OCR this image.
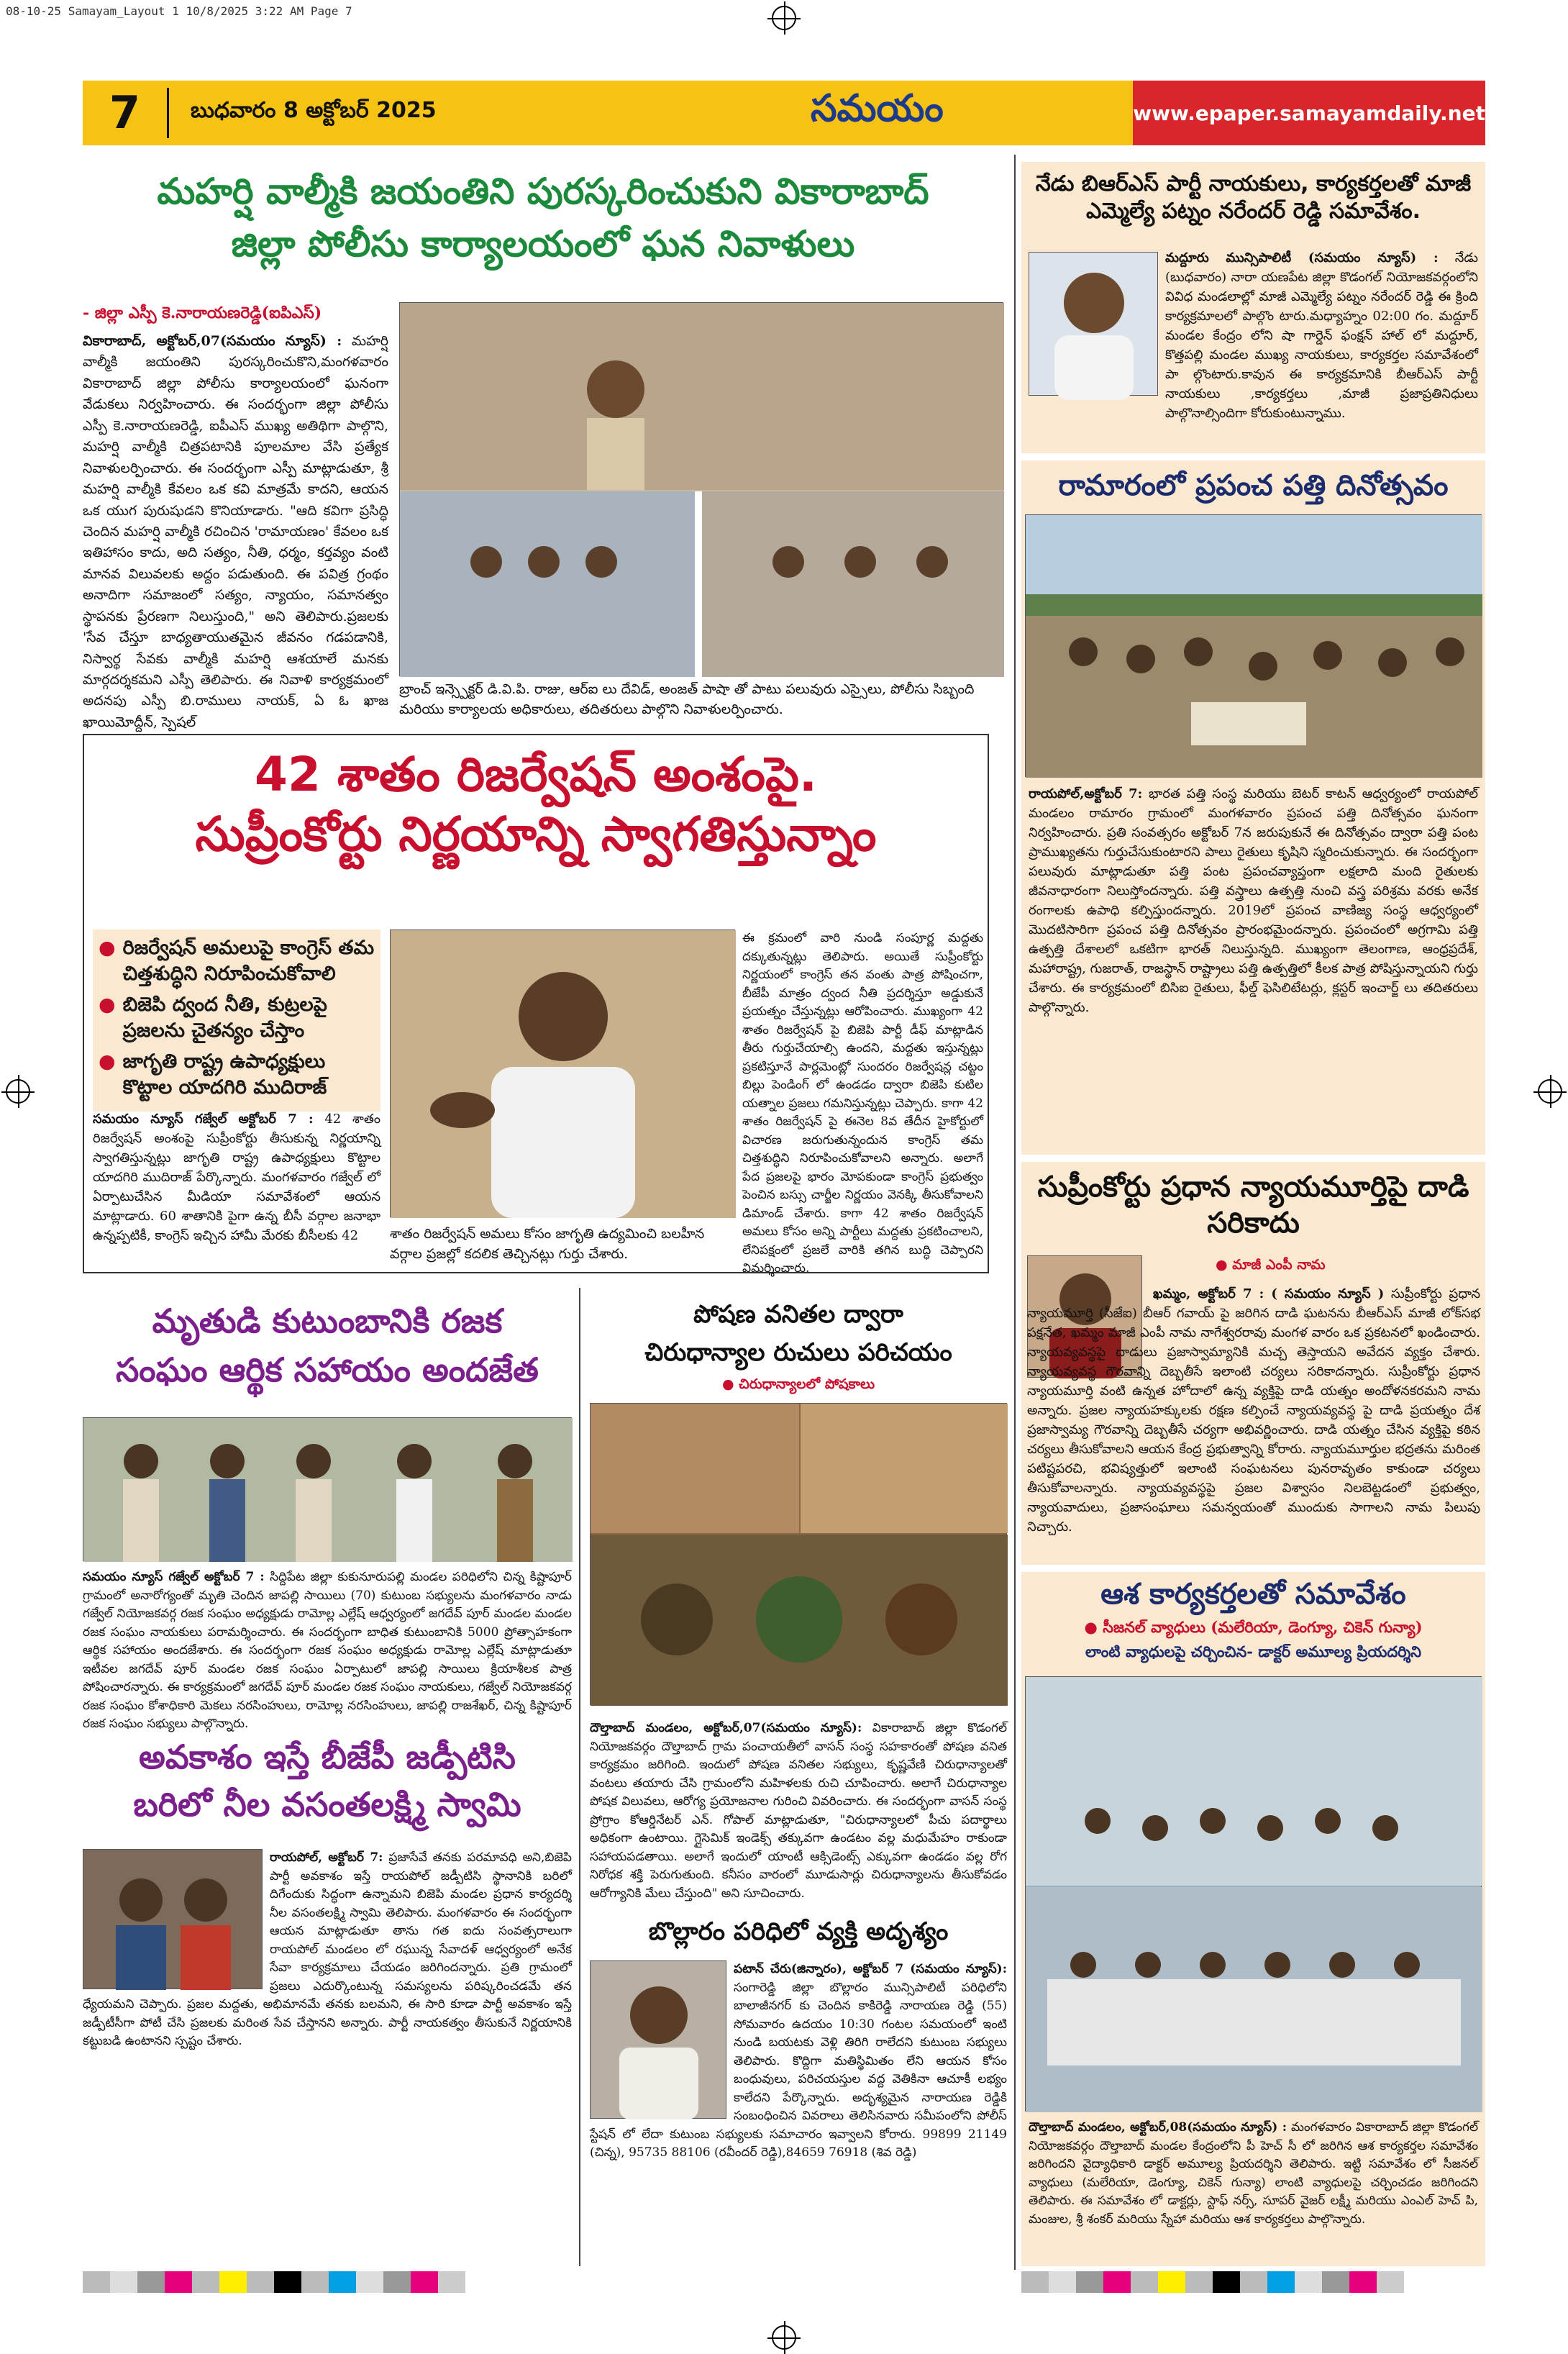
08-10-25 Samayam_Layout 1 10/8/2025 3:22 AM Page 7
7	బుధవారం 8 అక్టోబర్ 2025	సమయం	www.epaper.samayamdaily.net
మహర్షి వాల్మీకి జయంతిని పురస్కరించుకుని వికారాబాద్
జిల్లా పోలీసు కార్యాలయంలో ఘన నివాళులు
- జిల్లా ఎస్పీ కె.నారాయణరెడ్డి(ఐపిఎస్)
వికారాబాద్, అక్టోబర్,07(సమయం న్యూస్) : మహర్షి వాల్మీకి జయంతిని పురస్కరించుకొని,మంగళవారం వికారాబాద్ జిల్లా పోలీసు కార్యాలయంలో ఘనంగా వేడుకలు నిర్వహించారు. ఈ సందర్భంగా జిల్లా పోలీసు ఎస్పీ కె.నారాయణరెడ్డి, ఐపీఎస్ ముఖ్య అతిథిగా పాల్గొని, మహర్షి వాల్మీకి చిత్రపటానికి పూలమాల వేసి ప్రత్యేక నివాళులర్పించారు. ఈ సందర్భంగా ఎస్పీ మాట్లాడుతూ, శ్రీ మహర్షి వాల్మీకి కేవలం ఒక కవి మాత్రమే కాదని, ఆయన ఒక యుగ పురుషుడని కొనియాడారు. "ఆది కవిగా ప్రసిద్ధి చెందిన మహర్షి వాల్మీకి రచించిన 'రామాయణం' కేవలం ఒక ఇతిహాసం కాదు, అది సత్యం, నీతి, ధర్మం, కర్తవ్యం వంటి మానవ విలువలకు అద్దం పడుతుంది. ఈ పవిత్ర గ్రంథం అనాదిగా సమాజంలో సత్యం, న్యాయం, సమానత్వం స్థాపనకు ప్రేరణగా నిలుస్తుంది," అని తెలిపారు.ప్రజలకు 'సేవ చేస్తూ బాధ్యతాయుతమైన జీవనం గడపడానికి, నిస్వార్థ సేవకు వాల్మీకి మహర్షి ఆశయాలే మనకు మార్గదర్శకమని ఎస్పీ తెలిపారు. ఈ నివాళి కార్యక్రమంలో అదనపు ఎస్పీ బి.రాములు నాయక్, ఏ ఓ ఖాజ ఖాయిమోద్దీన్, స్పెషల్
బ్రాంచ్ ఇన్స్పెక్టర్ డి.వి.పి. రాజు, ఆర్ఐ లు దేవిడ్, అంజత్ పాషా తో పాటు పలువురు ఎస్సైలు, పోలీసు సిబ్బంది మరియు కార్యాలయ అధికారులు, తదితరులు పాల్గొని నివాళులర్పించారు.
నేడు బిఆర్ఎస్ పార్టీ నాయకులు, కార్యకర్తలతో మాజీ ఎమ్మెల్యే పట్నం నరేందర్ రెడ్డి సమావేశం.
మద్దూరు మున్సిపాలిటీ (సమయం న్యూస్) : నేడు (బుధవారం) నారా యణపేట జిల్లా కొడంగల్ నియోజకవర్గంలోని వివిధ మండలాల్లో మాజీ ఎమ్మెల్యే పట్నం నరేందర్ రెడ్డి ఈ క్రింది కార్యక్రమాలలో పాల్గొం టారు.మధ్యాహ్నం 02:00 గం. మద్దూర్ మండల కేంద్రం లోని షా గార్డెన్ ఫంక్షన్ హాల్ లో మద్దూర్, కొత్తపల్లి మండల ముఖ్య నాయకులు, కార్యకర్తల సమావేశంలో పా ల్గొంటారు.కావున ఈ కార్యక్రమానికి బీఆర్ఎస్ పార్టీ నాయకులు ,కార్యకర్తలు ,మాజీ ప్రజాప్రతినిధులు పాల్గొనాల్సిందిగా కోరుకుంటున్నాము.
రామారంలో ప్రపంచ పత్తి దినోత్సవం
రాయపోల్,అక్టోబర్ 7: భారత పత్తి సంస్థ మరియు బెటర్ కాటన్ ఆధ్వర్యంలో రాయపోల్ మండలం రామారం గ్రామంలో మంగళవారం ప్రపంచ పత్తి దినోత్సవం ఘనంగా నిర్వహించారు. ప్రతి సంవత్సరం అక్టోబర్ 7న జరుపుకునే ఈ దినోత్సవం ద్వారా పత్తి పంట ప్రాముఖ్యతను గుర్తుచేసుకుంటారని పాలు రైతులు కృషిని స్మరించుకున్నారు. ఈ సందర్భంగా పలువురు మాట్లాడుతూ పత్తి పంట ప్రపంచవ్యాప్తంగా లక్షలాది మంది రైతులకు జీవనాధారంగా నిలుస్తోందన్నారు. పత్తి వస్త్రాలు ఉత్పత్తి నుంచి వస్త్ర పరిశ్రమ వరకు అనేక రంగాలకు ఉపాధి కల్పిస్తుందన్నారు. 2019లో ప్రపంచ వాణిజ్య సంస్థ ఆధ్వర్యంలో మొదటిసారిగా ప్రపంచ పత్తి దినోత్సవం ప్రారంభమైందన్నారు. ప్రపంచంలో అగ్రగామి పత్తి ఉత్పత్తి దేశాలలో ఒకటిగా భారత్ నిలుస్తున్నది. ముఖ్యంగా తెలంగాణ, ఆంధ్రప్రదేశ్, మహారాష్ట్ర, గుజరాత్, రాజస్థాన్ రాష్ట్రాలు పత్తి ఉత్పత్తిలో కీలక పాత్ర పోషిస్తున్నాయని గుర్తు చేశారు. ఈ కార్యక్రమంలో బిసిఐ రైతులు, ఫీల్డ్ ఫెసిలిటేటర్లు, క్లస్టర్ ఇంచార్జ్ లు తదితరులు పాల్గొన్నారు.
42 శాతం రిజర్వేషన్ అంశంపై.
సుప్రీంకోర్టు నిర్ణయాన్ని స్వాగతిస్తున్నాం
● రిజర్వేషన్ అమలుపై కాంగ్రెస్ తమ చిత్తశుద్ధిని నిరూపించుకోవాలి
● బిజెపి ద్వంద నీతి, కుట్రలపై ప్రజలను చైతన్యం చేస్తాం
● జాగృతి రాష్ట్ర ఉపాధ్యక్షులు కొట్టాల యాదగిరి ముదిరాజ్
సమయం న్యూస్ గజ్వేల్ అక్టోబర్ 7 : 42 శాతం రిజర్వేషన్ అంశంపై సుప్రీంకోర్టు తీసుకున్న నిర్ణయాన్ని స్వాగతిస్తున్నట్లు జాగృతి రాష్ట్ర ఉపాధ్యక్షులు కొట్టాల యాదగిరి ముదిరాజ్ పేర్కొన్నారు. మంగళవారం గజ్వేల్ లో ఏర్పాటుచేసిన మీడియా సమావేశంలో ఆయన మాట్లాడారు. 60 శాతానికి పైగా ఉన్న బీసీ వర్గాల జనాభా ఉన్నప్పటికీ, కాంగ్రెస్ ఇచ్చిన హామీ మేరకు బీసీలకు 42	శాతం రిజర్వేషన్ అమలు కోసం జాగృతి ఉద్యమించి బలహీన వర్గాల ప్రజల్లో కదలిక తెచ్చినట్లు గుర్తు చేశారు.
ఈ క్రమంలో వారి నుండి సంపూర్ణ మద్దతు దక్కుతున్నట్లు తెలిపారు. అయితే సుప్రీంకోర్టు నిర్ణయంలో కాంగ్రెస్ తన వంతు పాత్ర పోషించగా, బీజేపీ మాత్రం ద్వంద నీతి ప్రదర్శిస్తూ అడ్డుకునే ప్రయత్నం చేస్తున్నట్లు ఆరోపించారు. ముఖ్యంగా 42 శాతం రిజర్వేషన్ పై బిజెపి పార్టీ డీఫ్ మాట్లాడిన తీరు గుర్తుచేయాల్సి ఉందని, మద్దతు ఇస్తున్నట్లు ప్రకటిస్తూనే పార్లమెంట్లో సుందరం రిజర్వేషన్ల చట్టం బిల్లు పెండింగ్ లో ఉండడం ద్వారా బిజెపి కుటిల యత్నాల ప్రజలు గమనిస్తున్నట్లు చెప్పారు. కాగా 42 శాతం రిజర్వేషన్ పై ఈనెల 8వ తేదీన హైకోర్టులో విచారణ జరుగుతున్నందున కాంగ్రెస్ తమ చిత్తశుద్ధిని నిరూపించుకోవాలని అన్నారు. అలాగే పేద ప్రజలపై భారం మోపకుండా కాంగ్రెస్ ప్రభుత్వం పెంచిన బస్సు చార్జీల నిర్ణయం వెనక్కి తీసుకోవాలని డిమాండ్ చేశారు. కాగా 42 శాతం రిజర్వేషన్ అమలు కోసం అన్ని పార్టీలు మద్దతు ప్రకటించాలని, లేనిపక్షంలో ప్రజలే వారికి తగిన బుద్ధి చెప్పారని విమర్శించారు.
సుప్రీంకోర్టు ప్రధాన న్యాయమూర్తిపై దాడి సరికాదు
● మాజీ ఎంపీ నామ
ఖమ్మం, అక్టోబర్ 7 : ( సమయం న్యూస్ ) సుప్రీంకోర్టు ప్రధాన న్యాయమూర్తి (సీజేఐ) బీఆర్ గవాయ్ పై జరిగిన దాడి ఘటనను బీఆర్ఎస్ మాజీ లోక్‌సభ పక్షనేత, ఖమ్మం మాజీ ఎంపీ నామ నాగేశ్వరరావు మంగళ వారం ఒక ప్రకటనలో ఖండించారు. న్యాయవ్యవస్థపై దాడులు ప్రజాస్వామ్యానికి మచ్చ తెస్తాయని అవేదన వ్యక్తం చేశారు. న్యాయవ్యవస్థ గౌరవాన్ని దెబ్బతీసే ఇలాంటి చర్యలు సరికాదన్నారు. సుప్రీంకోర్టు ప్రధాన న్యాయమూర్తి వంటి ఉన్నత హోదాలో ఉన్న వ్యక్తిపై దాడి యత్నం అందోళనకరమని నామ అన్నారు. ప్రజల న్యాయహక్కులకు రక్షణ కల్పించే న్యాయవ్యవస్థ పై దాడి ప్రయత్నం దేశ ప్రజాస్వామ్య గౌరవాన్ని దెబ్బతీసే చర్యగా అభివర్ణించారు. దాడి యత్నం చేసిన వ్యక్తిపై కఠిన చర్యలు తీసుకోవాలని ఆయన కేంద్ర ప్రభుత్వాన్ని కోరారు. న్యాయమూర్తుల భద్రతను మరింత పటిష్టపరచి, భవిష్యత్తులో ఇలాంటి సంఘటనలు పునరావృతం కాకుండా చర్యలు తీసుకోవాలన్నారు. న్యాయవ్యవస్థపై ప్రజల విశ్వాసం నిలబెట్టడంలో ప్రభుత్వం, న్యాయవాదులు, ప్రజాసంఘాలు సమన్వయంతో ముందుకు సాగాలని నామ పిలుపు నిచ్చారు.
మృతుడి కుటుంబానికి రజక
సంఘం ఆర్థిక సహాయం అందజేత
సమయం న్యూస్ గజ్వేల్ అక్టోబర్ 7 : సిద్దిపేట జిల్లా కుకునూరుపల్లి మండల పరిధిలోని చిన్న కిష్టాపూర్ గ్రామంలో అనారోగ్యంతో మృతి చెందిన జాపల్లి సాయిలు (70) కుటుంబ సభ్యులను మంగళవారం నాడు గజ్వేల్ నియోజకవర్గ రజక సంఘం అధ్యక్షుడు రామోల్ల ఎల్లేష్ ఆధ్వర్యంలో జగదేవ్ పూర్ మండల మండల రజక సంఘం నాయకులు పరామర్శించారు. ఈ సందర్భంగా బాధిత కుటుంబానికి 5000 ప్రోత్సాహకంగా ఆర్థిక సహాయం అందజేశారు. ఈ సందర్భంగా రజక సంఘం అధ్యక్షుడు రామోల్ల ఎల్లేష్ మాట్లాడుతూ ఇటీవల జగదేవ్ పూర్ మండల రజక సంఘం ఏర్పాటులో జాపల్లి సాయిలు క్రియాశీలక పాత్ర పోషించారన్నారు. ఈ కార్యక్రమంలో జగదేవ్ పూర్ మండల రజక సంఘం నాయకులు, గజ్వేల్ నియోజకవర్గ రజక సంఘం కోశాధికారి మెకలు నరసింహులు, రామోల్ల నరసింహులు, జాపల్లి రాజశేఖర్, చిన్న కిష్టాపూర్ రజక సంఘం సభ్యులు పాల్గొన్నారు.
పోషణ వనితల ద్వారా
చిరుధాన్యాల రుచులు పరిచయం
● చిరుధాన్యాలలో పోషకాలు
దౌల్తాబాద్ మండలం, అక్టోబర్,07(సమయం న్యూస్): వికారాబాద్ జిల్లా కొడంగల్ నియోజకవర్గం దౌల్తాబాద్ గ్రామ పంచాయతీలో వాసన్ సంస్థ సహకారంతో పోషణ వనిత కార్యక్రమం జరిగింది. ఇందులో పోషణ వనితల సభ్యులు, కృష్ణవేణి చిరుధాన్యాలతో వంటలు తయారు చేసి గ్రామంలోని మహిళలకు రుచి చూపించారు. అలాగే చిరుధాన్యాల పోషక విలువలు, ఆరోగ్య ప్రయోజనాల గురించి వివరించారు. ఈ సందర్భంగా వాసన్ సంస్థ ప్రోగ్రాం కోఆర్డినేటర్ ఎన్. గోపాల్ మాట్లాడుతూ, "చిరుధాన్యాలలో పీచు పదార్థాలు అధికంగా ఉంటాయి. గ్లైసెమిక్ ఇండెక్స్ తక్కువగా ఉండటం వల్ల మధుమేహం రాకుండా సహాయపడతాయి. అలాగే ఇందులో యాంటీ ఆక్సిడెంట్స్ ఎక్కువగా ఉండడం వల్ల రోగ నిరోధక శక్తి పెరుగుతుంది. కనీసం వారంలో మూడుసార్లు చిరుధాన్యాలను తీసుకోవడం ఆరోగ్యానికి మేలు చేస్తుంది" అని సూచించారు.
అవకాశం ఇస్తే బీజేపీ జడ్పీటిసి
బరిలో నీల వసంతలక్ష్మి స్వామి
రాయపోల్, అక్టోబర్ 7: ప్రజాసేవే తనకు పరమావధి అని,బిజెపి పార్టీ అవకాశం ఇస్తే రాయపోల్ జడ్పీటిసి స్థానానికి బరిలో దిగేందుకు సిద్ధంగా ఉన్నామని బిజెపి మండల ప్రధాన కార్యదర్శి నీల వసంతలక్ష్మి స్వామి తెలిపారు. మంగళవారం ఈ సందర్భంగా ఆయన మాట్లాడుతూ తాను గత ఐదు సంవత్సరాలుగా రాయపోల్ మండలం లో రఘున్న సేవాదళ్ ఆధ్వర్యంలో అనేక సేవా కార్యక్రమాలు చేయడం జరిగిందన్నారు. ప్రతి గ్రామంలో ప్రజలు ఎదుర్కొంటున్న సమస్యలను పరిష్కరించడమే తన ధ్యేయమని చెప్పారు. ప్రజల మద్దతు, అభిమానమే తనకు బలమని, ఈ సారి కూడా పార్టీ అవకాశం ఇస్తే జడ్పీటీసీగా పోటీ చేసి ప్రజలకు మరింత సేవ చేస్తానని అన్నారు. పార్టీ నాయకత్వం తీసుకునే నిర్ణయానికి కట్టుబడి ఉంటానని స్పష్టం చేశారు.
బొల్లారం పరిధిలో వ్యక్తి అదృశ్యం
పటాన్ చేరు(జిన్నారం), అక్టోబర్ 7 (సమయం న్యూస్): సంగారెడ్డి జిల్లా బొల్లారం మున్సిపాలిటీ పరిధిలోని బాలాజీనగర్ కు చెందిన కాకిరెడ్డి నారాయణ రెడ్డి (55) సోమవారం ఉదయం 10:30 గంటల సమయంలో ఇంటి నుండి బయటకు వెళ్లి తిరిగి రాలేదని కుటుంబ సభ్యులు తెలిపారు. కొద్దిగా మతిస్థిమితం లేని ఆయన కోసం బంధువులు, పరిచయస్తుల వద్ద వెతికినా ఆచూకీ లభ్యం కాలేదని పేర్కొన్నారు. అదృశ్యమైన నారాయణ రెడ్డికి సంబంధించిన వివరాలు తెలిసినవారు సమీపంలోని పోలీస్ స్టేషన్ లో లేదా కుటుంబ సభ్యులకు సమాచారం ఇవ్వాలని కోరారు. 99899 21149 (చిన్న), 95735 88106 (రవీందర్ రెడ్డి),84659 76918 (శివ రెడ్డి)
ఆశ కార్యకర్తలతో సమావేశం
● సీజనల్ వ్యాధులు (మలేరియా, డెంగ్యూ, చికెన్ గున్యా)
లాంటి వ్యాధులపై చర్చించిన- డాక్టర్ అమూల్య ప్రియదర్శిని
దౌల్తాబాద్ మండలం, అక్టోబర్,08(సమయం న్యూస్) : మంగళవారం వికారాబాద్ జిల్లా కొడంగల్ నియోజకవర్గం దౌల్తాబాద్ మండల కేంద్రంలోని పీ హెచ్ సీ లో జరిగిన ఆశ కార్యకర్తల సమావేశం జరిగిందని వైద్యాధికారి డాక్టర్ అమూల్య ప్రియదర్శిని తెలిపారు. ఇట్టి సమావేశం లో సీజనల్ వ్యాధులు (మలేరియా, డెంగ్యూ, చికెన్ గున్యా) లాంటి వ్యాధులపై చర్చించడం జరిగిందని తెలిపారు. ఈ సమావేశం లో డాక్టర్లు, స్టాఫ్ నర్స్, సూపర్ వైజర్ లక్ష్మీ మరియు ఎంఎల్ హెచ్ పి, మంజుల, శ్రీ శంకర్ మరియు స్నేహా మరియు ఆశ కార్యకర్తలు పాల్గొన్నారు.
